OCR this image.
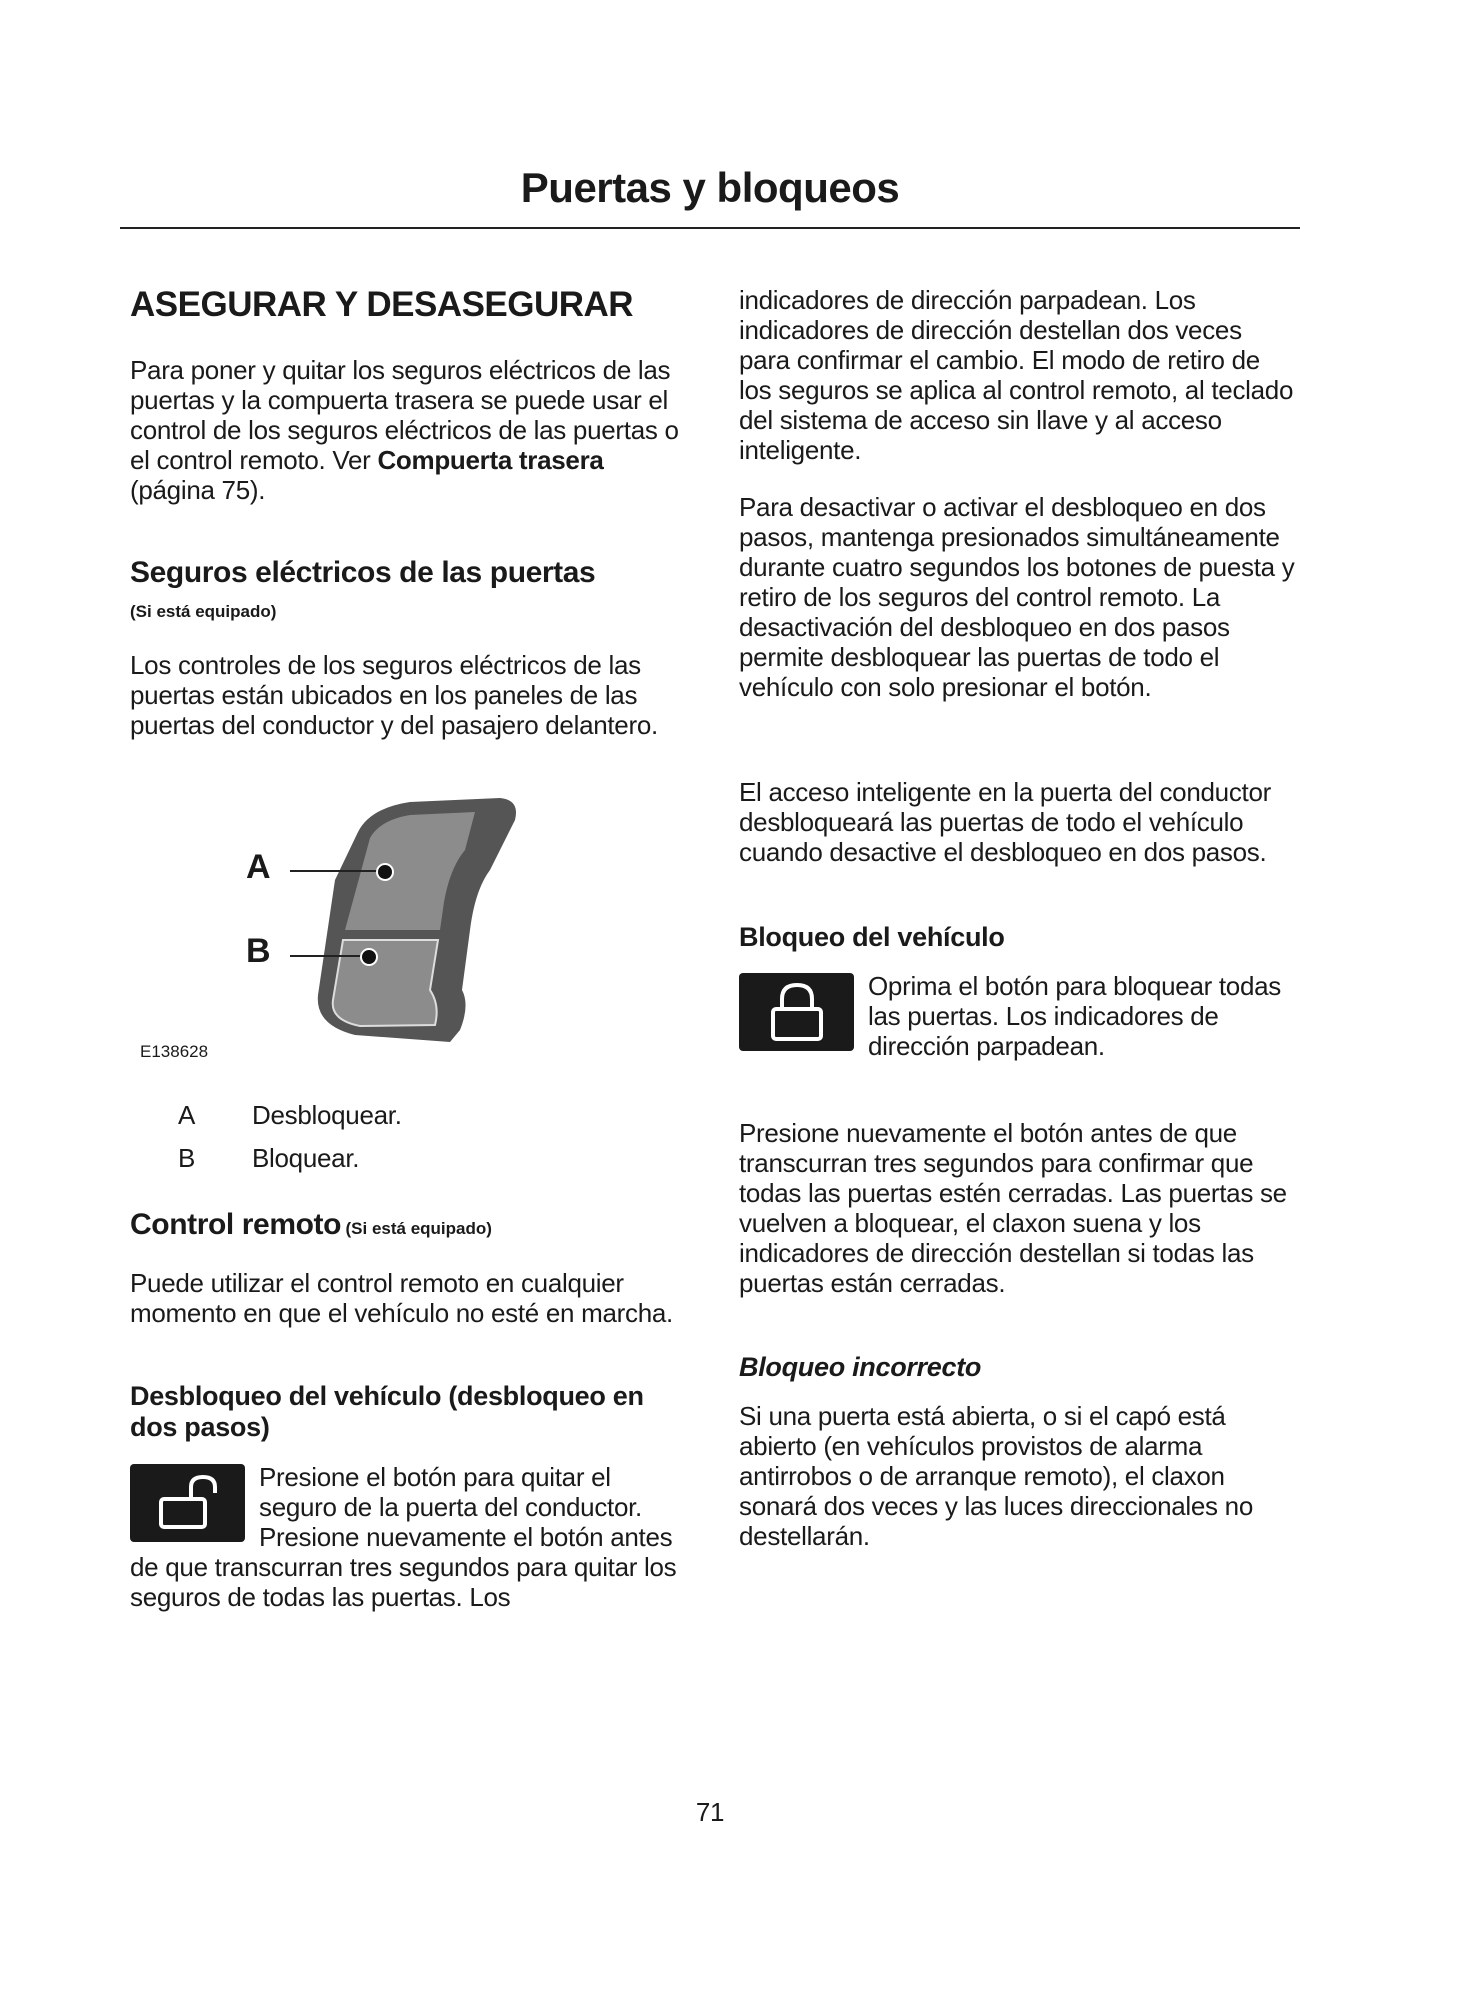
Puertas y bloqueos
ASEGURAR Y DESASEGURAR

Para poner y quitar los seguros eléctricos de las puertas y la compuerta trasera se puede usar el control de los seguros eléctricos de las puertas o el control remoto. Ver Compuerta trasera (página 75).

Seguros eléctricos de las puertas
(Si está equipado)

Los controles de los seguros eléctricos de las puertas están ubicados en los paneles de las puertas del conductor y del pasajero delantero.

A
B
E138628
A Desbloquear.
B Bloquear.
Control remoto (Si está equipado)

Puede utilizar el control remoto en cualquier momento en que el vehículo no esté en marcha.

Desbloqueo del vehículo (desbloqueo en dos pasos)

Presione el botón para quitar el seguro de la puerta del conductor. Presione nuevamente el botón antes de que transcurran tres segundos para quitar los seguros de todas las puertas. Los

indicadores de dirección parpadean. Los indicadores de dirección destellan dos veces para confirmar el cambio. El modo de retiro de los seguros se aplica al control remoto, al teclado del sistema de acceso sin llave y al acceso inteligente.

Para desactivar o activar el desbloqueo en dos pasos, mantenga presionados simultáneamente durante cuatro segundos los botones de puesta y retiro de los seguros del control remoto. La desactivación del desbloqueo en dos pasos permite desbloquear las puertas de todo el vehículo con solo presionar el botón.

El acceso inteligente en la puerta del conductor desbloqueará las puertas de todo el vehículo cuando desactive el desbloqueo en dos pasos.

Bloqueo del vehículo

Oprima el botón para bloquear todas las puertas. Los indicadores de dirección parpadean.

Presione nuevamente el botón antes de que transcurran tres segundos para confirmar que todas las puertas estén cerradas. Las puertas se vuelven a bloquear, el claxon suena y los indicadores de dirección destellan si todas las puertas están cerradas.

Bloqueo incorrecto

Si una puerta está abierta, o si el capó está abierto (en vehículos provistos de alarma antirrobos o de arranque remoto), el claxon sonará dos veces y las luces direccionales no destellarán.

71
